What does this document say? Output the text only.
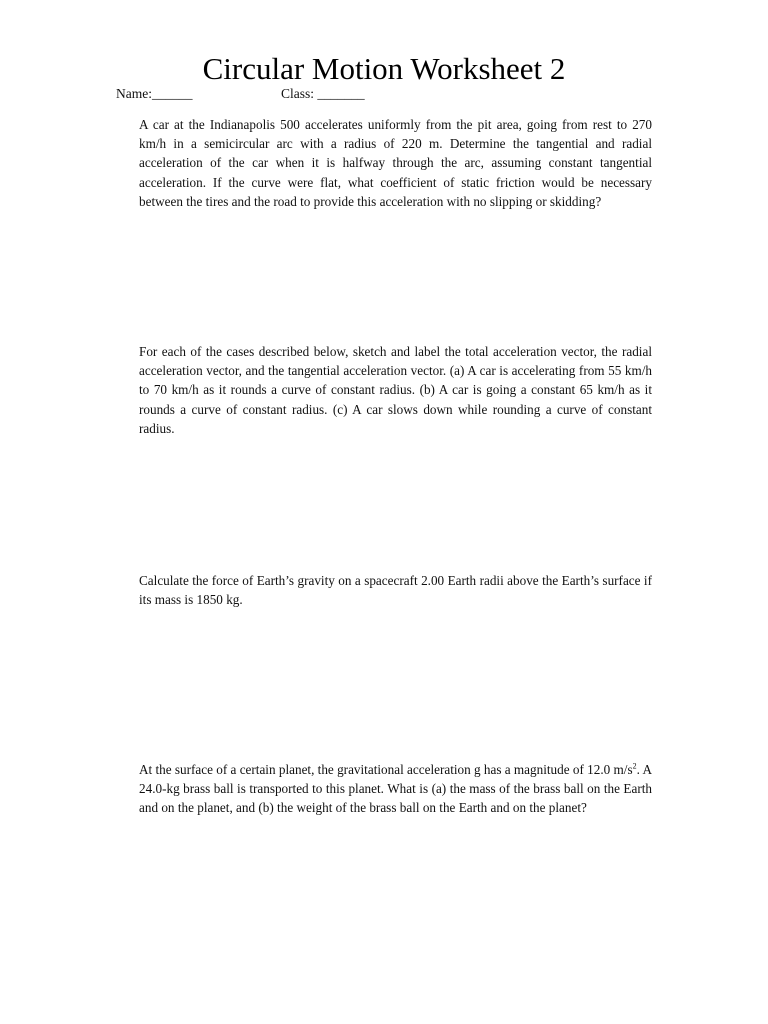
Circular Motion Worksheet 2
Name:______	Class: _______

A car at the Indianapolis 500 accelerates uniformly from the pit area, going from rest to 270 km/h in a semicircular arc with a radius of 220 m. Determine the tangential and radial acceleration of the car when it is halfway through the arc, assuming constant tangential acceleration. If the curve were flat, what coefficient of static friction would be necessary between the tires and the road to provide this acceleration with no slipping or skidding?

For each of the cases described below, sketch and label the total acceleration vector, the radial acceleration vector, and the tangential acceleration vector. (a) A car is accelerating from 55 km/h to 70 km/h as it rounds a curve of constant radius. (b) A car is going a constant 65 km/h as it rounds a curve of constant radius. (c) A car slows down while rounding a curve of constant radius.

Calculate the force of Earth’s gravity on a spacecraft 2.00 Earth radii above the Earth’s surface if its mass is 1850 kg.

At the surface of a certain planet, the gravitational acceleration g has a magnitude of 12.0 $m/s^2$. A 24.0-kg brass ball is transported to this planet. What is (a) the mass of the brass ball on the Earth and on the planet, and (b) the weight of the brass ball on the Earth and on the planet?
